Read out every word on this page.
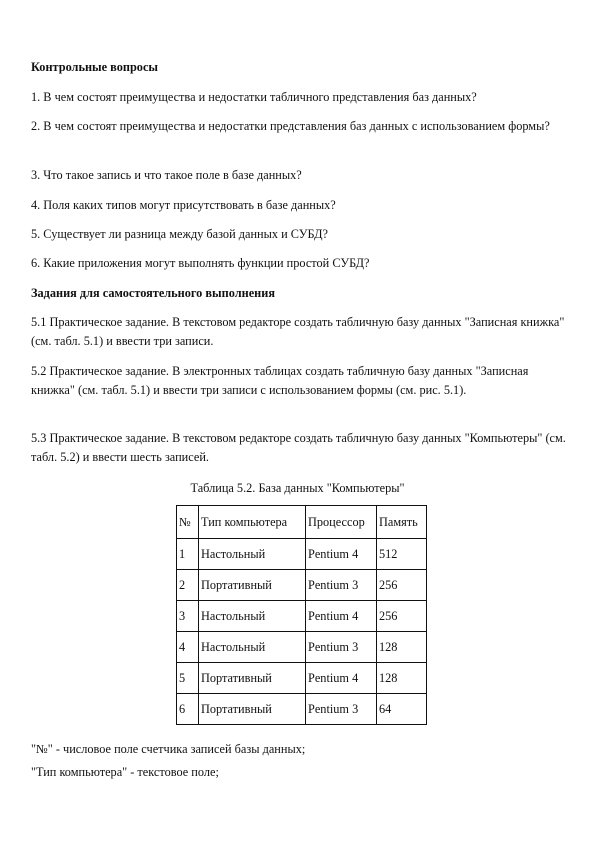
Контрольные вопросы

1. В чем состоят преимущества и недостатки табличного представления баз данных?

2. В чем состоят преимущества и недостатки представления баз данных с использованием формы?

3. Что такое запись и что такое поле в базе данных?

4. Поля каких типов могут присутствовать в базе данных?

5. Существует ли разница между базой данных и СУБД?

6. Какие приложения могут выполнять функции простой СУБД?

Задания для самостоятельного выполнения

5.1 Практическое задание. В текстовом редакторе создать табличную базу данных "Записная книжка" (см. табл. 5.1) и ввести три записи.

5.2 Практическое задание. В электронных таблицах создать табличную базу данных "Записная книжка" (см. табл. 5.1) и ввести три записи с использованием формы (см. рис. 5.1).

5.3 Практическое задание. В текстовом редакторе создать табличную базу данных "Компьютеры" (см. табл. 5.2) и ввести шесть записей.

Таблица 5.2. База данных "Компьютеры"
№	Тип компьютера	Процессор	Память
1	Настольный	Pentium 4	512
2	Портативный	Pentium 3	256
3	Настольный	Pentium 4	256
4	Настольный	Pentium 3	128
5	Портативный	Pentium 4	128
6	Портативный	Pentium 3	64

"№" - числовое поле счетчика записей базы данных;

"Тип компьютера" - текстовое поле;
